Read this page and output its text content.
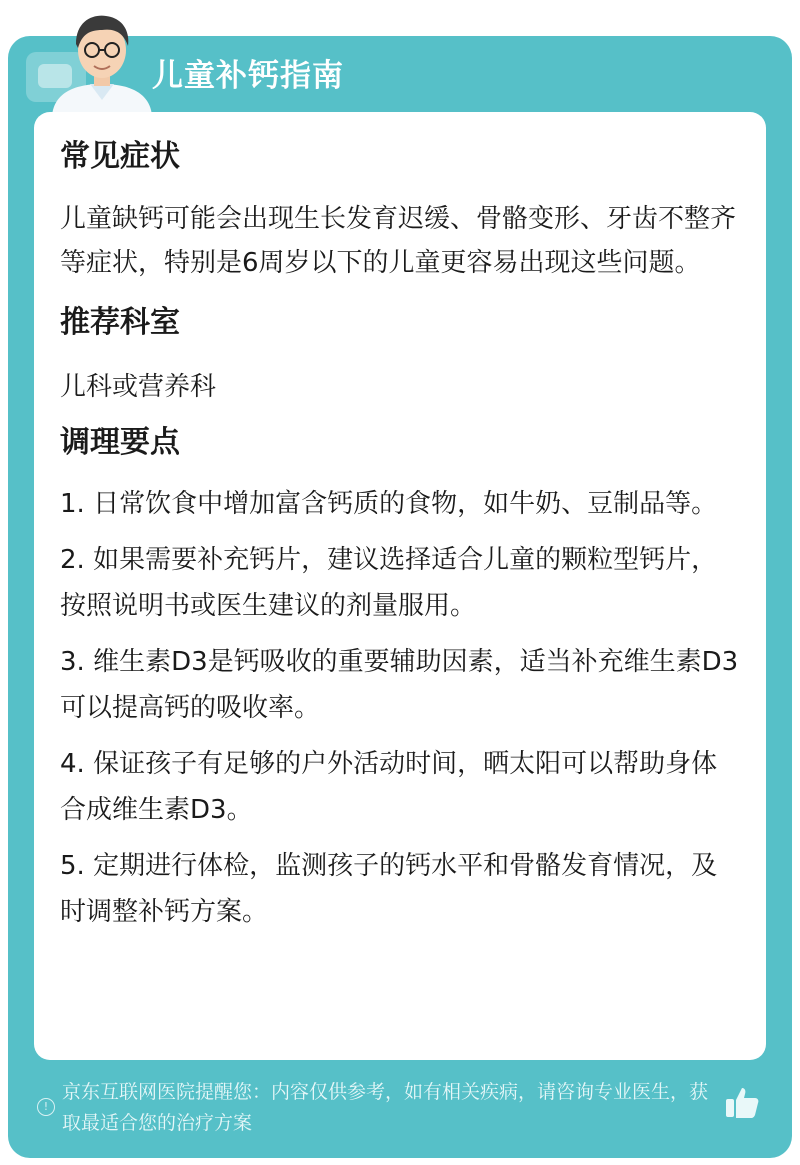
儿童补钙指南
常见症状

儿童缺钙可能会出现生长发育迟缓、骨骼变形、牙齿不整齐等症状，特别是6周岁以下的儿童更容易出现这些问题。

推荐科室

儿科或营养科

调理要点

1. 日常饮食中增加富含钙质的食物，如牛奶、豆制品等。

2. 如果需要补充钙片，建议选择适合儿童的颗粒型钙片，按照说明书或医生建议的剂量服用。

3. 维生素D3是钙吸收的重要辅助因素，适当补充维生素D3可以提高钙的吸收率。

4. 保证孩子有足够的户外活动时间，晒太阳可以帮助身体合成维生素D3。

5. 定期进行体检，监测孩子的钙水平和骨骼发育情况，及时调整补钙方案。

!
京东互联网医院提醒您：内容仅供参考，如有相关疾病，请咨询专业医生，获取最适合您的治疗方案
